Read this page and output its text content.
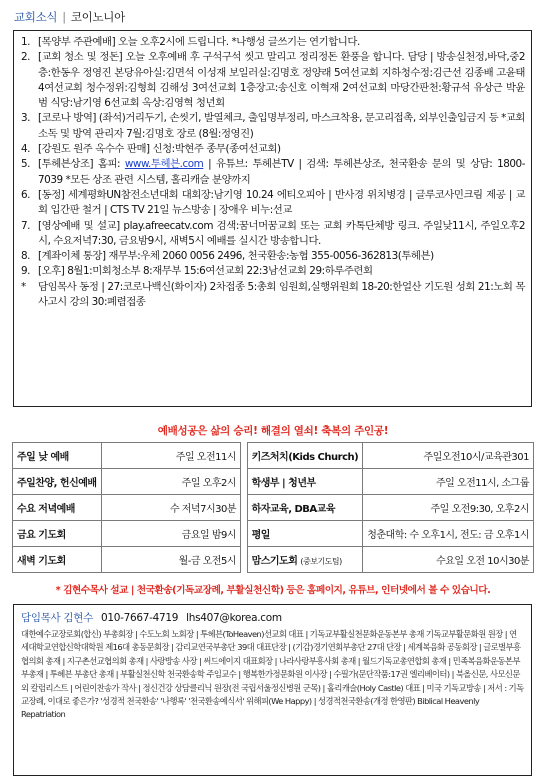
교회소식 | 코이노니아
1. [목양부 주관예배] 오늘 오후2시에 드립니다. *나행성 글쓰기는 연기합니다.
2. [교회 청소 및 정돈] 오늘 오후예배 후 구석구석 씻고 말리고 정리정돈 환풍을 합니다. 담당 | 방송실천정,바닥,중2층:한동우 정영진 본당유아실:김면석 이성재 보일러실:김명호 정양래 5여선교회 지하청수정:김근선 김종배 고윤태 4여선교회 청수정위:김형희 김해성 3여선교회 1층장고:송신호 이혁재 2여선교회 마당간판천:황규석 유상근 박윤범 식당:남기영 6선교회 옥상:김영혁 청년회
3. [코로나 방역] (좌석)거리두기, 손씻기, 발열체크, 출입명부정리, 마스크착용, 문고리접촉, 외부인출입금지 등 *교회소독 및 방역 관리자 7월:김명호 장로 (8월:정영진)
4. [강원도 원주 옥수수 판매] 신청:박현주 종무(종여선교회)
5. [투헤븐상조] 홈피: www.투헤븐.com | 유튜브: 투헤븐TV | 검색: 투헤븐상조, 천국환송 문의 및 상담: 1800-7039 *모든 상조 관련 시스템, 홀리캐슬 분양까지
6. [동정] 세계평화UN참전소년대회 대회장:남기영 10.24 에티오피아 | 반사경 위치병경 | 글루코사민크림 제공 | 교회 입간판 철거 | CTS TV 21일 뉴스방송 | 장애우 비누:선교
7. [영상예배 및 설교] play.afreecatv.com 검색:꿈너머꿈교회 또는 교회 카톡단체방 링크. 주일낮11시, 주일오후2시, 수요저녁7:30, 금요밤9시, 새벽5시 예배를 실시간 방송합니다.
8. [계좌이체 통장] 재무부:우체 2060 0056 2496, 천국환송:농협 355-0056-362813(투헤븐)
9. [오후] 8월1:미회청소부 8:재무부 15:6여선교회 22:3남선교회 29:하루주련회
*	담임목사 동정 | 27:코로나백신(화이자) 2차접종 5:총회 임원회,실행위원회 18-20:한얼산 기도원 성회 21:노회 목사고시 강의 30:폐렴접종
예배성공은 삶의 승리! 해결의 열쇠! 축복의 주인공!
주일 낮 예배	주일 오전11시		키즈처치(Kids Church)	주일오전10시/교육관301
주일찬양, 헌신예배	주일 오후2시		학생부 | 청년부	주일 오전11시, 소그룹
수요 저녁예배	수 저녁7시30분		하자교육, DBA교육	주일 오전9:30, 오후2시
금요 기도회	금요일 밤9시		평일	청춘대학: 수 오후1시, 전도: 금 오후1시
새벽 기도회	월-금 오전5시		맘스기도회 (중보기도팀)	수요일 오전 10시30분
* 김현수목사 설교 | 천국환송(기독교장례, 부활실천신학) 등은 홈페이지, 유튜브, 인터넷에서 볼 수 있습니다.
담임목사 김현수 010-7667-4719 lhs407@korea.com
대한예수교장로회(합신) 부총회장 | 수도노회 노회장 | 투헤븐(ToHeaven)선교회 대표 | 기독교부활실천문화운동본부 총재 기독교부활문화원 원장 | 연세대학교연합신학대학원 제16대 총동문회장 | 감리교연국부총단 39대 대표단장 | (기감)경기연회부총단 27대 단장 | 세계복음화 공동회장 | 글로벌부흥협의회 총재 | 지구촌선교협의회 총재 | 사랑방송 사장 | 써드에이지 대표회장 | 나라사랑부흥사회 총재 | 월드기독교총연합회 총재 | 민족복음화운동본부 부총재 | 투헤븐 부총단 총재 | 부활실천신학 천국환송학 주임교수 | 행복한가정문화원 이사장 | 수필가(문단작품:17권 엘리베이터) | 북올신문, 사모신문 외 칼럼리스트 | 어린이찬송가 작사 | 정신건강 상담클리닉 원장(전 국립서울정신병원 군목) | 홀리캐슬(Holy Castle) 대표 | 미국 기독교방송 | 저서 : 기독교장례, 이대로 좋은가? '성경적 천국환송' '나행록' '천국환송예식서' 위해피(We Happy) | 성경적천국환송(개정 한영판) Biblical Heavenly Repatriation
